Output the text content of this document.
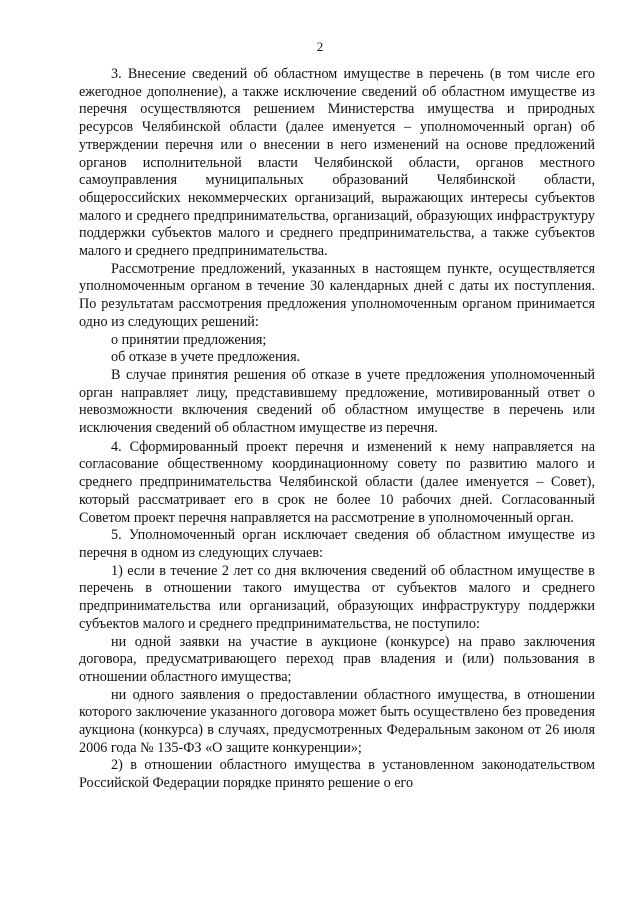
2

3. Внесение сведений об областном имуществе в перечень (в том числе его ежегодное дополнение), а также исключение сведений об областном имуществе из перечня осуществляются решением Министерства имущества и природных ресурсов Челябинской области (далее именуется – уполномоченный орган) об утверждении перечня или о внесении в него изменений на основе предложений органов исполнительной власти Челябинской области, органов местного самоуправления муниципальных образований Челябинской области, общероссийских некоммерческих организаций, выражающих интересы субъектов малого и среднего предпринимательства, организаций, образующих инфраструктуру поддержки субъектов малого и среднего предпринимательства, а также субъектов малого и среднего предпринимательства.

Рассмотрение предложений, указанных в настоящем пункте, осуществляется уполномоченным органом в течение 30 календарных дней с даты их поступления. По результатам рассмотрения предложения уполномоченным органом принимается одно из следующих решений:

о принятии предложения;

об отказе в учете предложения.

В случае принятия решения об отказе в учете предложения уполномоченный орган направляет лицу, представившему предложение, мотивированный ответ о невозможности включения сведений об областном имуществе в перечень или исключения сведений об областном имуществе из перечня.

4. Сформированный проект перечня и изменений к нему направляется на согласование общественному координационному совету по развитию малого и среднего предпринимательства Челябинской области (далее именуется – Совет), который рассматривает его в срок не более 10 рабочих дней. Согласованный Советом проект перечня направляется на рассмотрение в уполномоченный орган.

5. Уполномоченный орган исключает сведения об областном имуществе из перечня в одном из следующих случаев:

1) если в течение 2 лет со дня включения сведений об областном имуществе в перечень в отношении такого имущества от субъектов малого и среднего предпринимательства или организаций, образующих инфраструктуру поддержки субъектов малого и среднего предпринимательства, не поступило:

ни одной заявки на участие в аукционе (конкурсе) на право заключения договора, предусматривающего переход прав владения и (или) пользования в отношении областного имущества;

ни одного заявления о предоставлении областного имущества, в отношении которого заключение указанного договора может быть осуществлено без проведения аукциона (конкурса) в случаях, предусмотренных Федеральным законом от 26 июля 2006 года № 135-ФЗ «О защите конкуренции»;

2) в отношении областного имущества в установленном законодательством Российской Федерации порядке принято решение о его
